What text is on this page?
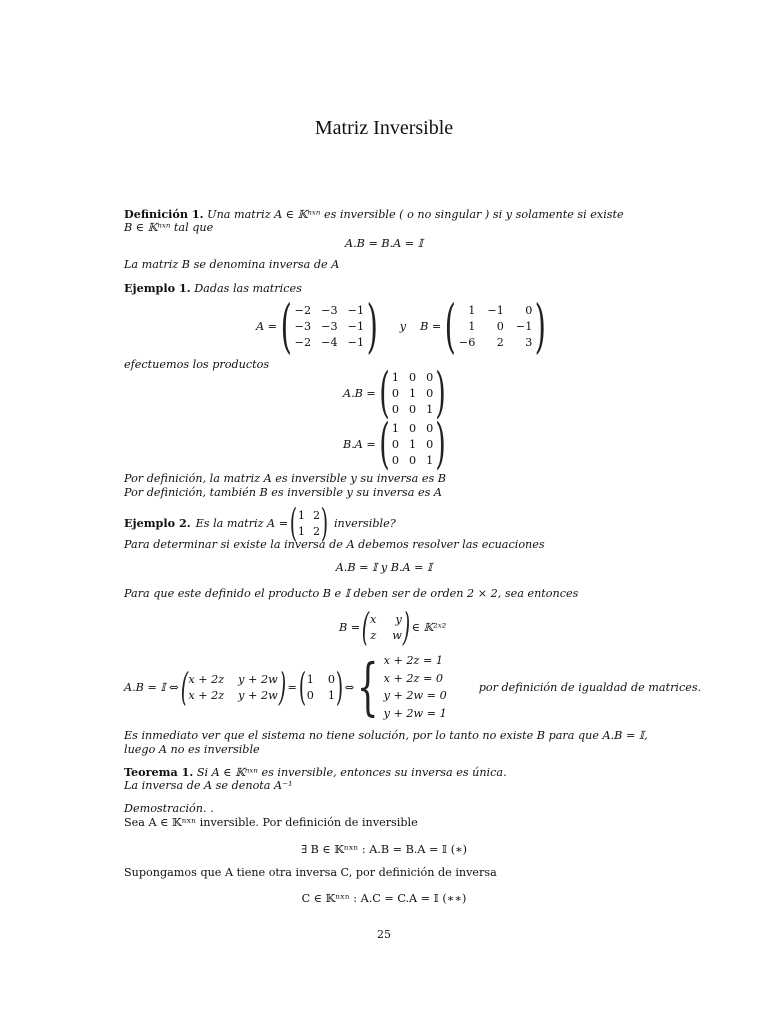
Matriz Inversible
Definición 1. Una matriz A ∈ 𝕂ⁿˣⁿ es inversible ( o no singular ) si y solamente si existe
B ∈ 𝕂ⁿˣⁿ tal que
A.B = B.A = 𝕀
La matriz B se denomina inversa de A
Ejemplo 1. Dadas las matrices
A = ( −2 −3 −1
−3 −3 −1
−2 −4 −1 ) y B = (	1 −1	0
1	0 −1
−6	2	3 )
efectuemos los productos
A.B = ( 1 0 0
0 1 0
0 0 1 )
B.A = ( 1 0 0
0 1 0
0 0 1 )
Por definición, la matriz A es inversible y su inversa es B
Por definición, también B es inversible y su inversa es A
Ejemplo 2. Es la matriz A = ( 1 2
1 2 ) inversible?
Para determinar si existe la inversa de A debemos resolver las ecuaciones
A.B = 𝕀 y B.A = 𝕀
Para que este definido el producto B e 𝕀 deben ser de orden 2 × 2, sea entonces
B = ( x y
z w ) ∈ 𝕂²ˣ²
A.B = 𝕀 ⇔ ( x + 2z y + 2w
x + 2z y + 2w ) = ( 1 0
0 1 ) ⇔ { x + 2z = 1
x + 2z = 0
y + 2w = 0
y + 2w = 1
por definición de igualdad de matrices.
Es inmediato ver que el sistema no tiene solución, por lo tanto no existe B para que A.B = 𝕀,
luego A no es inversible
Teorema 1. Si A ∈ 𝕂ⁿˣⁿ es inversible, entonces su inversa es única.
La inversa de A se denota A⁻¹
Demostración. .
Sea A ∈ 𝕂ⁿˣⁿ inversible. Por definición de inversible
∃ B ∈ 𝕂ⁿˣⁿ : A.B = B.A = 𝕀 (∗)
Supongamos que A tiene otra inversa C, por definición de inversa
C ∈ 𝕂ⁿˣⁿ : A.C = C.A = 𝕀 (∗∗)
25
